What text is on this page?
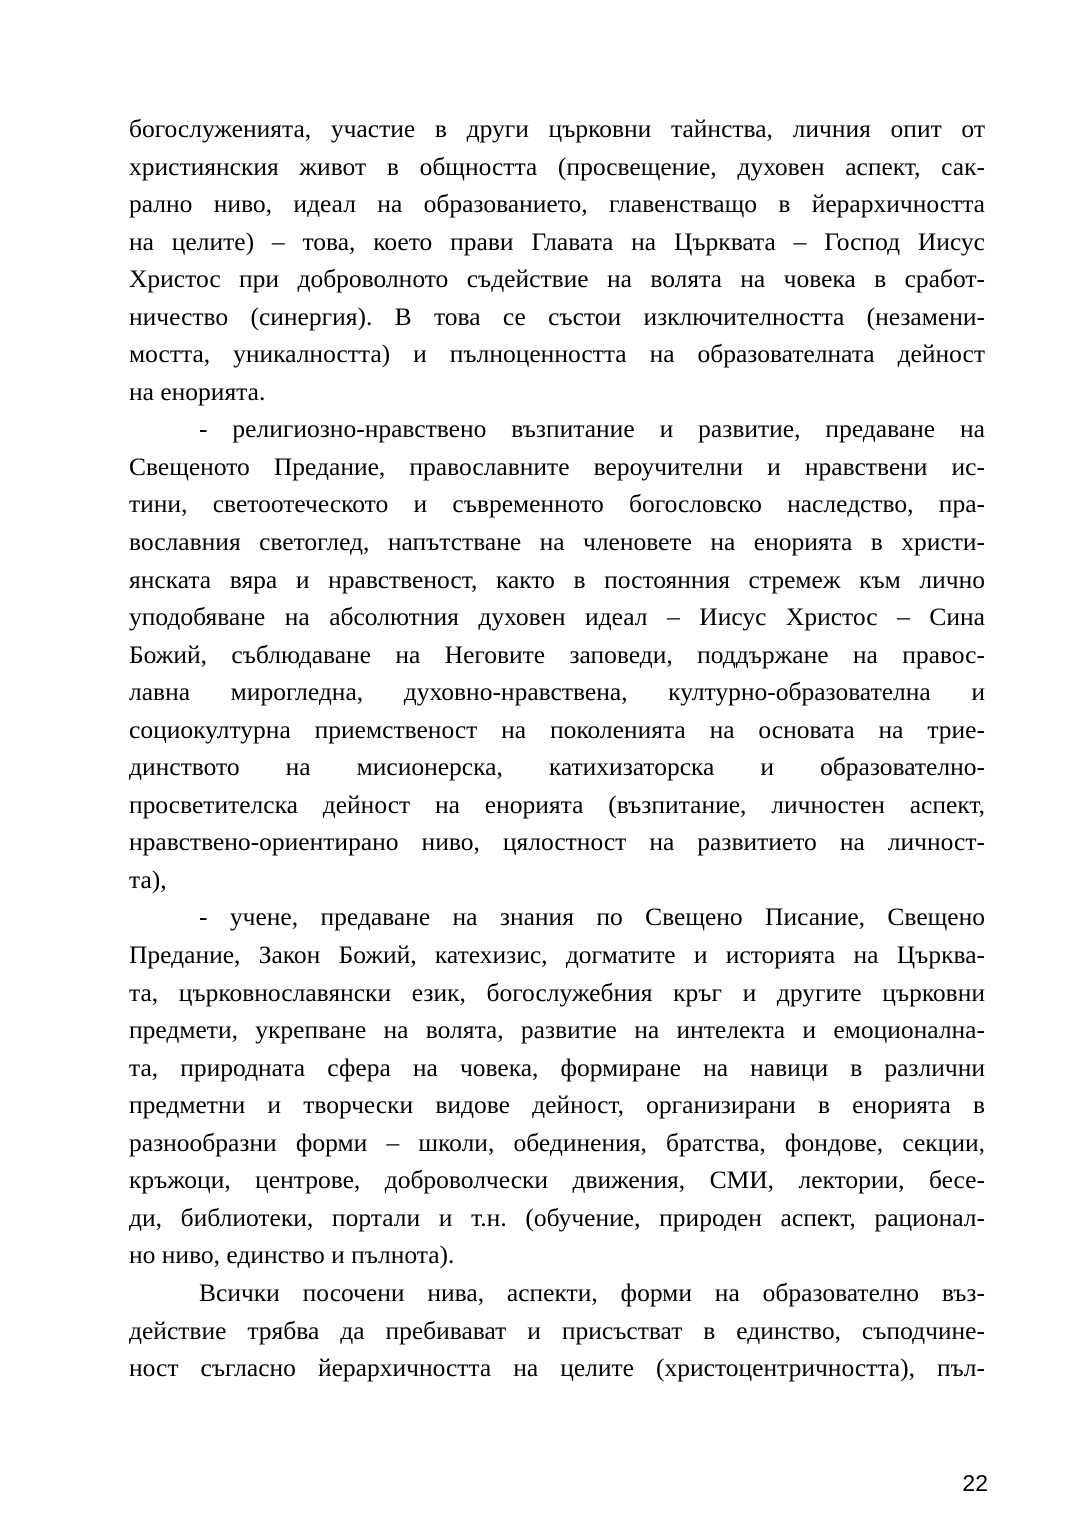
богослуженията, участие в други църковни тайнства, личния опит от
християнския живот в общността (просвещение, духовен аспект, сак-
рално ниво, идеал на образованието, главенстващо в йерархичността
на целите) – това, което прави Главата на Църквата – Господ Иисус
Христос при доброволното съдействие на волята на човека в сработ-
ничество (синергия). В това се състои изключителността (незамени-
мостта, уникалността) и пълноценността на образователната дейност
на енорията.
- религиозно-нравствено възпитание и развитие, предаване на
Свещеното Предание, православните вероучителни и нравствени ис-
тини, светоотеческото и съвременното богословско наследство, пра-
вославния светоглед, напътстване на членовете на енорията в христи-
янската вяра и нравственост, както в постоянния стремеж към лично
уподобяване на абсолютния духовен идеал – Иисус Христос – Сина
Божий, съблюдаване на Неговите заповеди, поддържане на правос-
лавна мирогледна, духовно-нравствена, културно-образователна и
социокултурна приемственост на поколенията на основата на трие-
динството на мисионерска, катихизаторска и образователно-
просветителска дейност на енорията (възпитание, личностен аспект,
нравствено-ориентирано ниво, цялостност на развитието на личност-
та),
- учене, предаване на знания по Свещено Писание, Свещено
Предание, Закон Божий, катехизис, догматите и историята на Църква-
та, църковнославянски език, богослужебния кръг и другите църковни
предмети, укрепване на волята, развитие на интелекта и емоционална-
та, природната сфера на човека, формиране на навици в различни
предметни и творчески видове дейност, организирани в енорията в
разнообразни форми – школи, обединения, братства, фондове, секции,
кръжоци, центрове, доброволчески движения, СМИ, лектории, бесе-
ди, библиотеки, портали и т.н. (обучение, природен аспект, рационал-
но ниво, единство и пълнота).
Всички посочени нива, аспекти, форми на образователно въз-
действие трябва да пребивават и присъстват в единство, съподчине-
ност съгласно йерархичността на целите (христоцентричността), пъл-
22
